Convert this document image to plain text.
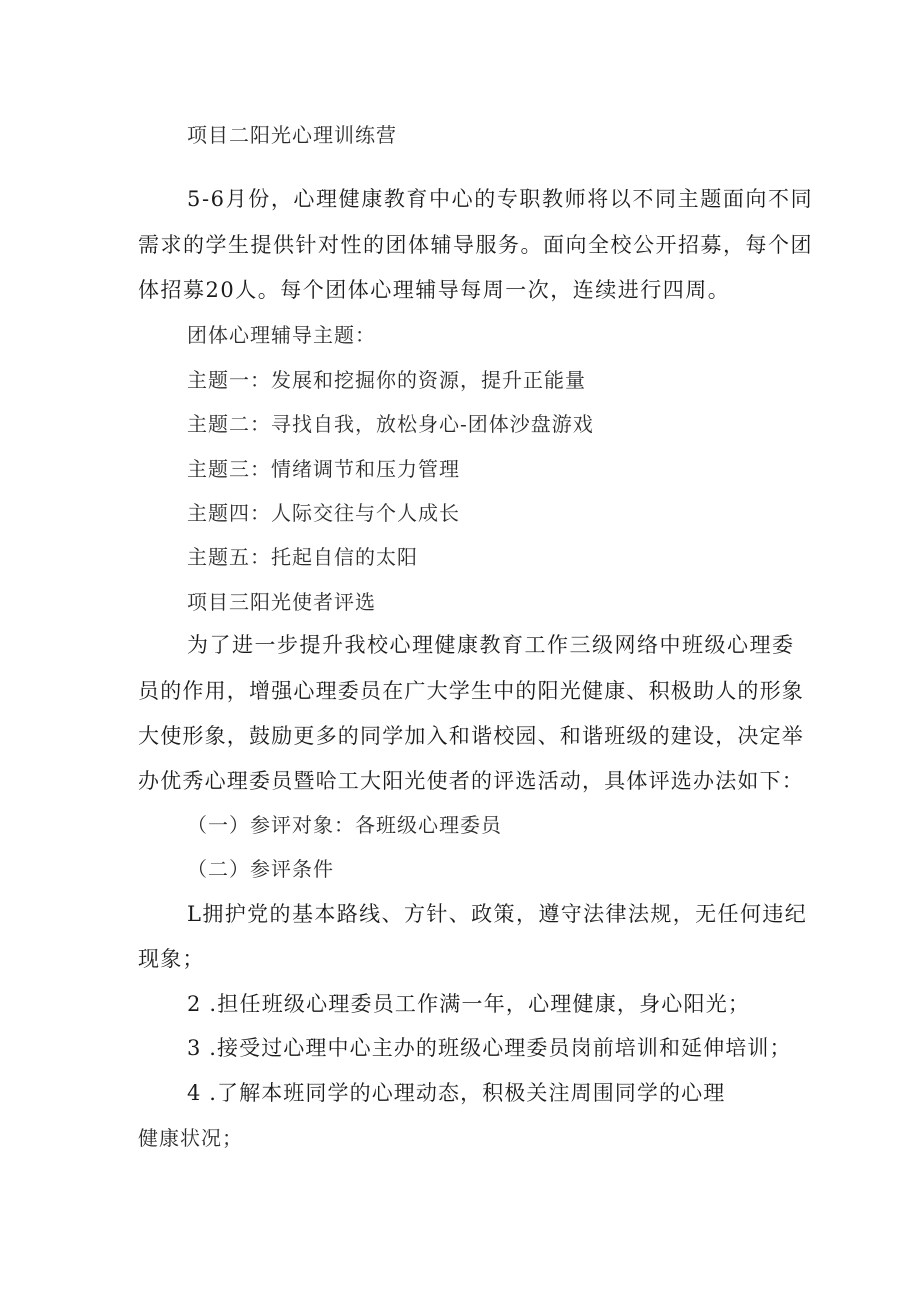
项目二阳光心理训练营
5-6月份，心理健康教育中心的专职教师将以不同主题面向不同
需求的学生提供针对性的团体辅导服务。面向全校公开招募，每个团
体招募20人。每个团体心理辅导每周一次，连续进行四周。
团体心理辅导主题：
主题一：发展和挖掘你的资源，提升正能量
主题二：寻找自我，放松身心-团体沙盘游戏
主题三：情绪调节和压力管理
主题四：人际交往与个人成长
主题五：托起自信的太阳
项目三阳光使者评选
为了进一步提升我校心理健康教育工作三级网络中班级心理委
员的作用，增强心理委员在广大学生中的阳光健康、积极助人的形象
大使形象，鼓励更多的同学加入和谐校园、和谐班级的建设，决定举
办优秀心理委员暨哈工大阳光使者的评选活动，具体评选办法如下：
（一）参评对象：各班级心理委员
（二）参评条件
L拥护党的基本路线、方针、政策，遵守法律法规，无任何违纪
现象；
2 .担任班级心理委员工作满一年，心理健康，身心阳光；
3 .接受过心理中心主办的班级心理委员岗前培训和延伸培训；
4 .了解本班同学的心理动态，积极关注周围同学的心理
健康状况；
